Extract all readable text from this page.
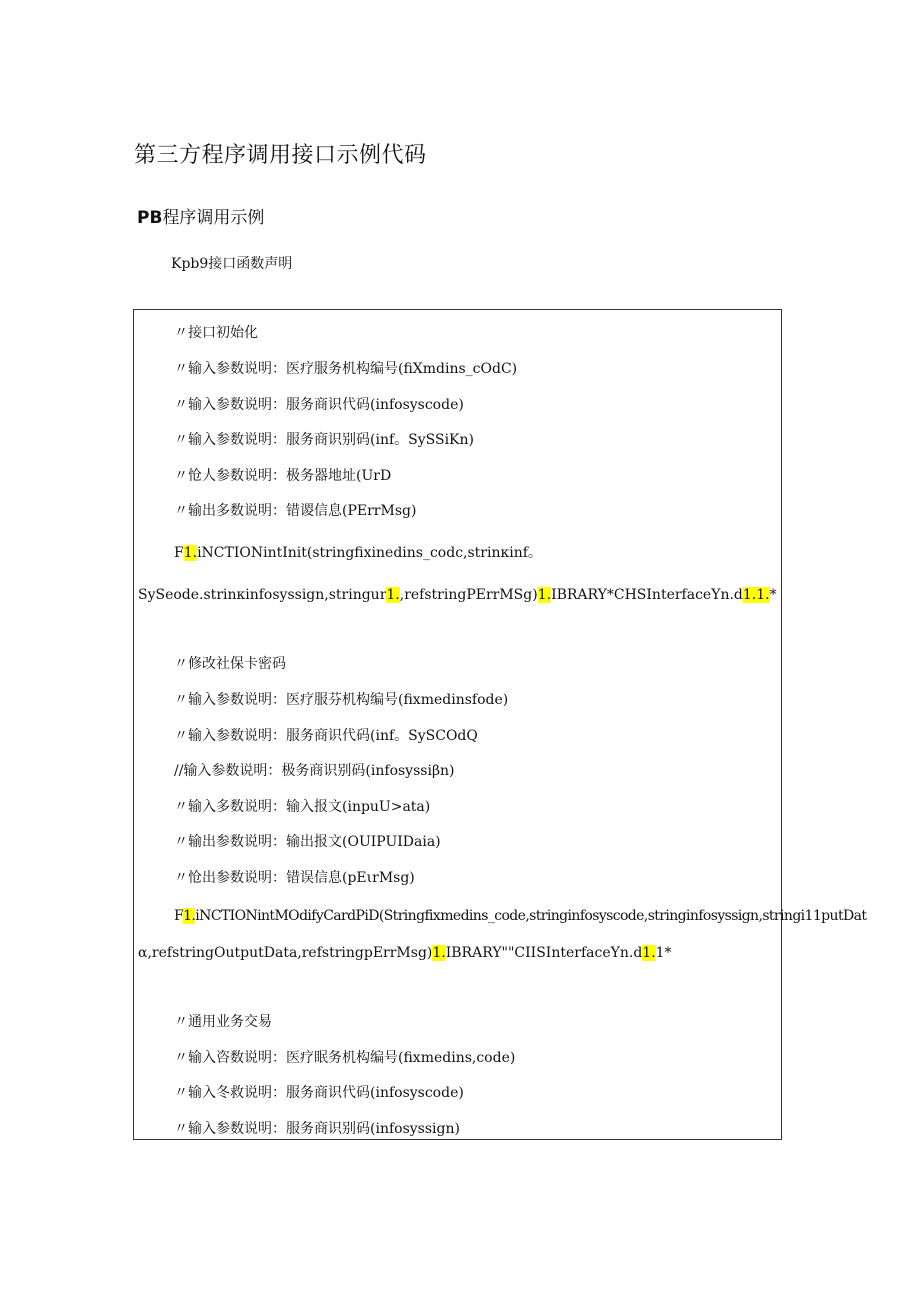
第三方程序调用接口示例代码
PB程序调用示例
Kpb9接口函数声明
〃接口初始化
〃输入参数说明：医疗服务机构编号(fiXmdins_cOdC)
〃输入参数说明：服务商识代码(infosyscode)
〃输入参数说明：服务商识别码(inf。SySSiKn)
〃怆人参数说明：极务器地址(UrD
〃输出多数说明：错谡信息(PErrMsg)
F1.iNCTIONintInit(stringfixinedins_codc,strinκinf。
SySeode.strinκinfosyssign,stringur1.,refstringPErrMSg)1.IBRARY*CHSInterfaceYn.d1.1.*
〃修改社保卡密码
〃输入参数说明：医疗服芬机构编号(fixmedinsfode)
〃输入参数说明：服务商识代码(inf。SySCOdQ
//输入参数说明：极务商识别码(infosyssiβn)
〃输入多数说明：输入报文(inpuU>ata)
〃输出参数说明：输出报文(OUIPUIDaia)
〃怆出参数说明：错误信息(pEιrMsg)
F1.iNCTIONintMOdifyCardPiD(Stringfixmedins_code,stringinfosyscode,stringinfosyssign,stringi11putDat
α,refstringOutputData,refstringpErrMsg)1.IBRARY""CIISInterfaceYn.d1.1*
〃通用业务交易
〃输入咨数说明：医疗眠务机构编号(fixmedins,code)
〃输入冬救说明：服务商识代码(infosyscode)
〃输入参数说明：服务商识别码(infosyssign)
